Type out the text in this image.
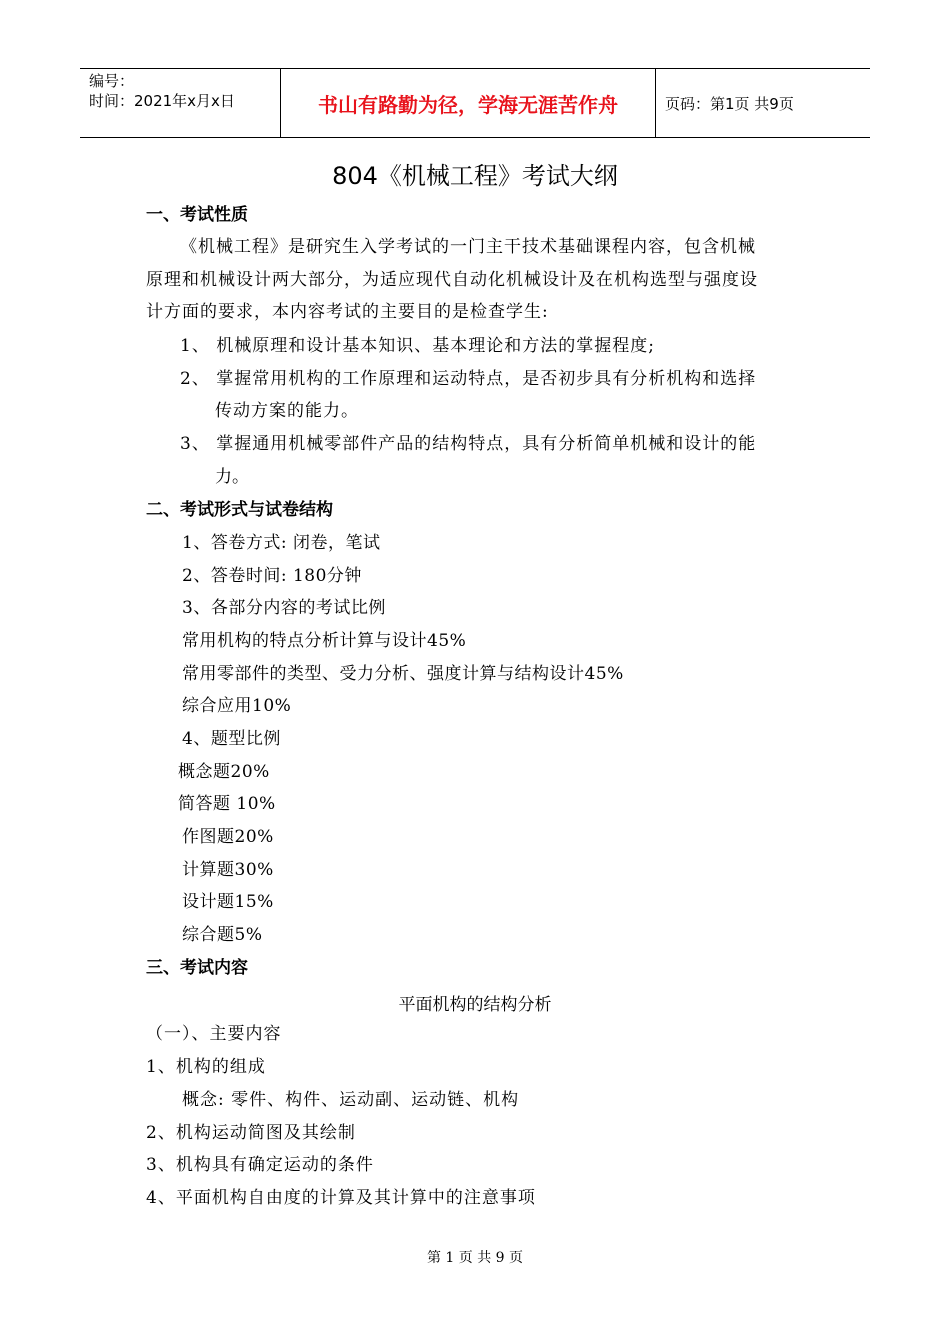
编号：
时间：2021年x月x日	书山有路勤为径，学海无涯苦作舟	页码：第1页 共9页
804《机械工程》考试大纲
一、考试性质
《机械工程》是研究生入学考试的一门主干技术基础课程内容，包含机械
原理和机械设计两大部分，为适应现代自动化机械设计及在机构选型与强度设
计方面的要求，本内容考试的主要目的是检查学生:
1、 机械原理和设计基本知识、基本理论和方法的掌握程度;
2、 掌握常用机构的工作原理和运动特点，是否初步具有分析机构和选择
传动方案的能力。
3、 掌握通用机械零部件产品的结构特点，具有分析简单机械和设计的能
力。
二、考试形式与试卷结构
1、答卷方式: 闭卷，笔试
2、答卷时间: 180分钟
3、各部分内容的考试比例
常用机构的特点分析计算与设计45%
常用零部件的类型、受力分析、强度计算与结构设计45%
综合应用10%
4、题型比例
概念题20%
简答题 10%
作图题20%
计算题30%
设计题15%
综合题5%
三、考试内容
平面机构的结构分析
（一）、主要内容
1、机构的组成
概念: 零件、构件、运动副、运动链、机构
2、机构运动简图及其绘制
3、机构具有确定运动的条件
4、平面机构自由度的计算及其计算中的注意事项
第 1 页 共 9 页
